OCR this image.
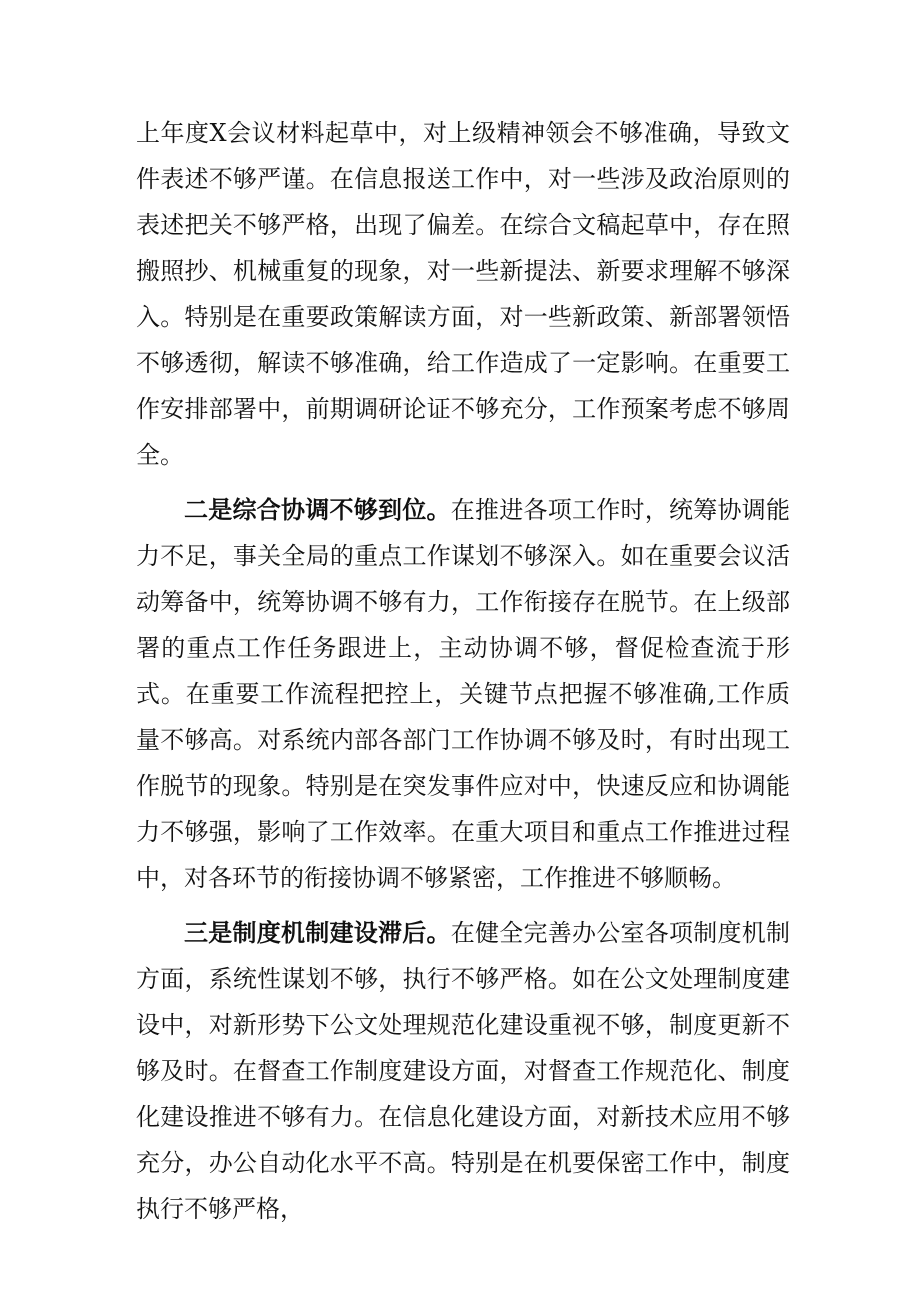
上年度X会议材料起草中，对上级精神领会不够准确，导致文件表述不够严谨。在信息报送工作中，对一些涉及政治原则的表述把关不够严格，出现了偏差。在综合文稿起草中，存在照搬照抄、机械重复的现象，对一些新提法、新要求理解不够深入。特别是在重要政策解读方面，对一些新政策、新部署领悟不够透彻，解读不够准确，给工作造成了一定影响。在重要工作安排部署中，前期调研论证不够充分，工作预案考虑不够周全。

二是综合协调不够到位。在推进各项工作时，统筹协调能力不足，事关全局的重点工作谋划不够深入。如在重要会议活动筹备中，统筹协调不够有力，工作衔接存在脱节。在上级部署的重点工作任务跟进上，主动协调不够，督促检查流于形式。在重要工作流程把控上，关键节点把握不够准确,工作质量不够高。对系统内部各部门工作协调不够及时，有时出现工作脱节的现象。特别是在突发事件应对中，快速反应和协调能力不够强，影响了工作效率。在重大项目和重点工作推进过程中，对各环节的衔接协调不够紧密，工作推进不够顺畅。

三是制度机制建设滞后。在健全完善办公室各项制度机制方面，系统性谋划不够，执行不够严格。如在公文处理制度建设中，对新形势下公文处理规范化建设重视不够，制度更新不够及时。在督查工作制度建设方面，对督查工作规范化、制度化建设推进不够有力。在信息化建设方面，对新技术应用不够充分，办公自动化水平不高。特别是在机要保密工作中，制度执行不够严格，
